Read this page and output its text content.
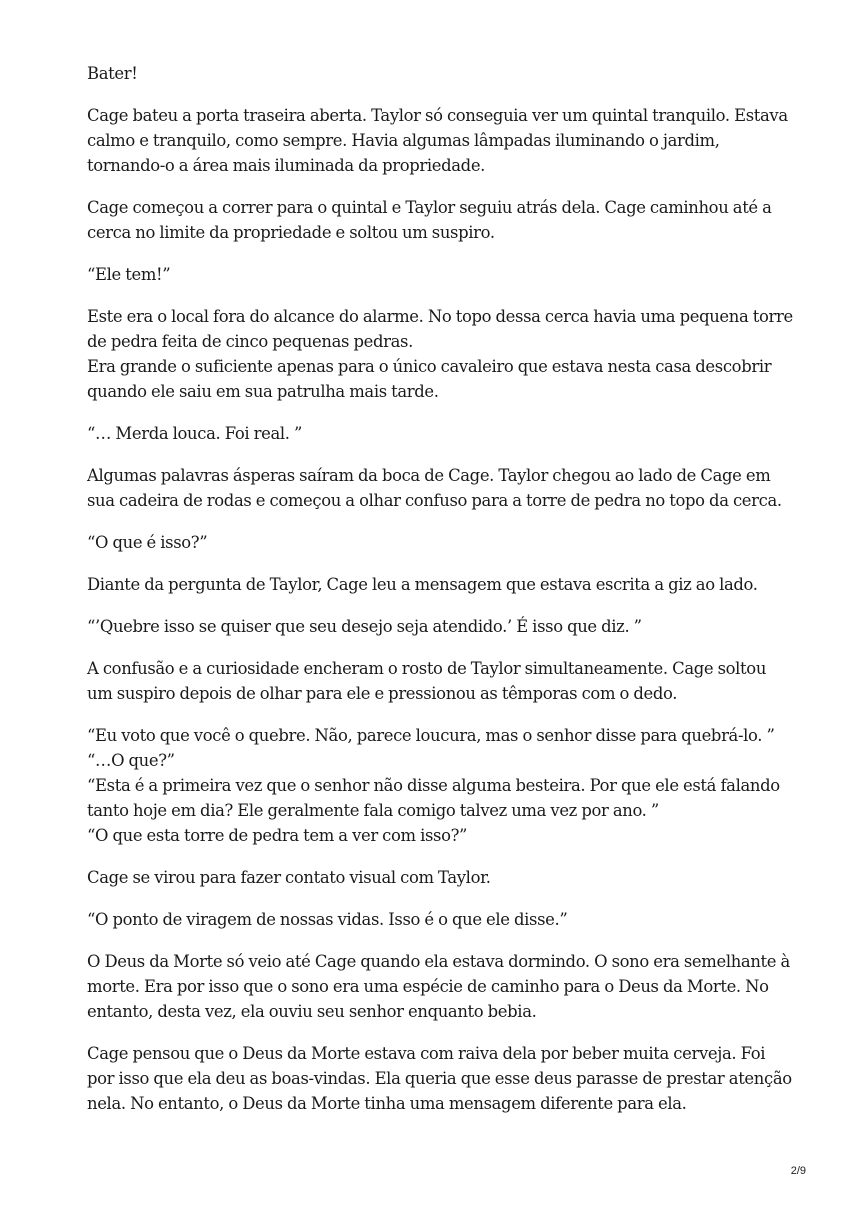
Bater!

Cage bateu a porta traseira aberta. Taylor só conseguia ver um quintal tranquilo. Estava
calmo e tranquilo, como sempre. Havia algumas lâmpadas iluminando o jardim,
tornando-o a área mais iluminada da propriedade.

Cage começou a correr para o quintal e Taylor seguiu atrás dela. Cage caminhou até a
cerca no limite da propriedade e soltou um suspiro.

“Ele tem!”

Este era o local fora do alcance do alarme. No topo dessa cerca havia uma pequena torre
de pedra feita de cinco pequenas pedras.
Era grande o suficiente apenas para o único cavaleiro que estava nesta casa descobrir
quando ele saiu em sua patrulha mais tarde.

“… Merda louca. Foi real. ”

Algumas palavras ásperas saíram da boca de Cage. Taylor chegou ao lado de Cage em
sua cadeira de rodas e começou a olhar confuso para a torre de pedra no topo da cerca.

“O que é isso?”

Diante da pergunta de Taylor, Cage leu a mensagem que estava escrita a giz ao lado.

“’Quebre isso se quiser que seu desejo seja atendido.’ É isso que diz. ”

A confusão e a curiosidade encheram o rosto de Taylor simultaneamente. Cage soltou
um suspiro depois de olhar para ele e pressionou as têmporas com o dedo.

“Eu voto que você o quebre. Não, parece loucura, mas o senhor disse para quebrá-lo. ”
“…O que?”
“Esta é a primeira vez que o senhor não disse alguma besteira. Por que ele está falando
tanto hoje em dia? Ele geralmente fala comigo talvez uma vez por ano. ”
“O que esta torre de pedra tem a ver com isso?”

Cage se virou para fazer contato visual com Taylor.

“O ponto de viragem de nossas vidas. Isso é o que ele disse.”

O Deus da Morte só veio até Cage quando ela estava dormindo. O sono era semelhante à
morte. Era por isso que o sono era uma espécie de caminho para o Deus da Morte. No
entanto, desta vez, ela ouviu seu senhor enquanto bebia.

Cage pensou que o Deus da Morte estava com raiva dela por beber muita cerveja. Foi
por isso que ela deu as boas-vindas. Ela queria que esse deus parasse de prestar atenção
nela. No entanto, o Deus da Morte tinha uma mensagem diferente para ela.

2/9
